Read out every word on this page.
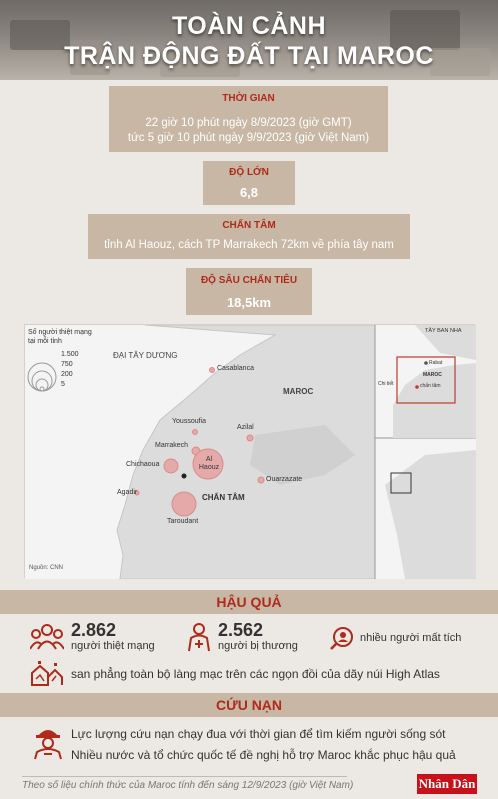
TOÀN CẢNH
TRẬN ĐỘNG ĐẤT TẠI MAROC
THỜI GIAN
22 giờ 10 phút ngày 8/9/2023 (giờ GMT)
tức 5 giờ 10 phút ngày 9/9/2023 (giờ Việt Nam)
ĐỘ LỚN
6,8
CHẤN TÂM
tỉnh Al Haouz, cách TP Marrakech 72km về phía tây nam
ĐỘ SÂU CHẤN TIÊU
18,5km
Số người thiệt mạng
tại mỗi tỉnh
1.500
750
200
5
ĐẠI TÂY DƯƠNG
MAROC
Casablanca
Youssoufia
Azilal
Marrakech
Chichaoua
Al Haouz
Ouarzazate
Agadir
Taroudant
CHẤN TÂM
Nguồn: CNN
TÂY BAN NHA
Rabat
MAROC
chấn tâm
Chi tiết
HẬU QUẢ
2.862
người thiệt mạng
2.562
người bị thương
nhiều người mất tích
san phẳng toàn bộ làng mạc trên các ngọn đồi của dãy núi High Atlas
CỨU NẠN
Lực lượng cứu nạn chạy đua với thời gian để tìm kiếm người sống sót
Nhiều nước và tổ chức quốc tế đề nghị hỗ trợ Maroc khắc phục hậu quả
Theo số liệu chính thức của Maroc tính đến sáng 12/9/2023 (giờ Việt Nam)	Nhân Dân
